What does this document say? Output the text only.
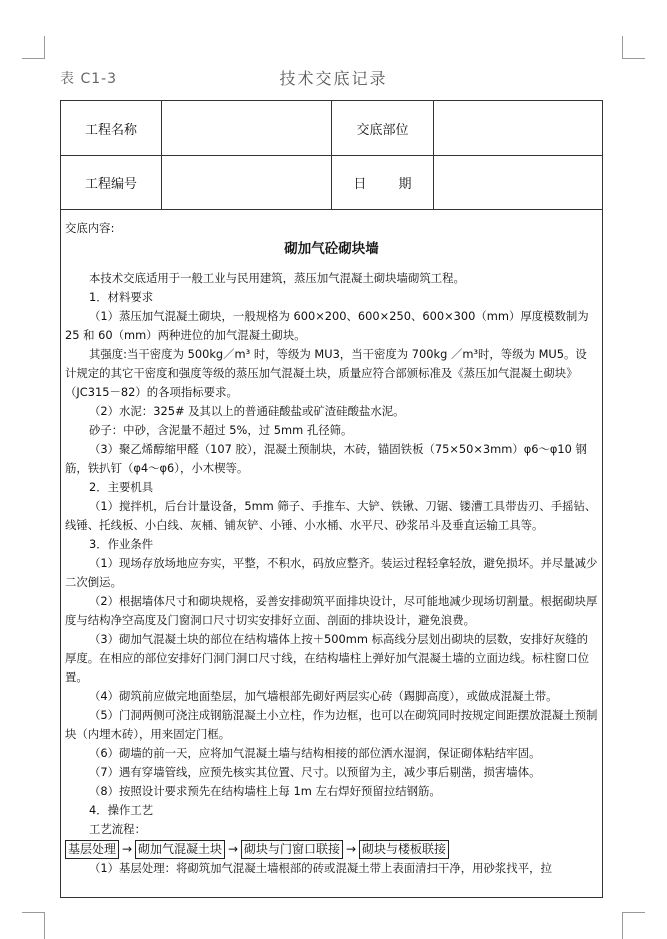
表 C1-3	技术交底记录
工程名称	交底部位
工程编号	日 期

交底内容:

砌加气砼砌块墙

本技术交底适用于一般工业与民用建筑，蒸压加气混凝土砌块墙砌筑工程。

1．材料要求

（1）蒸压加气混凝土砌块，一般规格为 600×200、600×250、600×300（mm）厚度模数制为 25 和 60（mm）两种进位的加气混凝土砌块。

其强度:当干密度为 500kg／m³ 时，等级为 MU3，当干密度为 700kg ／m³时，等级为 MU5。设计规定的其它干密度和强度等级的蒸压加气混凝土块，质量应符合部颁标准及《蒸压加气混凝土砌块》（JC315－82）的各项指标要求。

（2）水泥：325# 及其以上的普通硅酸盐或矿渣硅酸盐水泥。

砂子：中砂，含泥量不超过 5%，过 5mm 孔径筛。

（3）聚乙烯醇缩甲醛（107 胶），混凝土预制块，木砖，锚固铁板（75×50×3mm）φ6～φ10 钢筋，铁扒钉（φ4～φ6），小木楔等。

2．主要机具

（1）搅拌机，后台计量设备，5mm 筛子、手推车、大铲、铁锹、刀锯、镂漕工具带齿刃、手摇钻、线锤、托线板、小白线、灰桶、铺灰铲、小锤、小水桶、水平尺、砂浆吊斗及垂直运输工具等。

3．作业条件

（1）现场存放场地应夯实，平整，不积水，码放应整齐。装运过程轻拿轻放，避免损坏。并尽量减少二次倒运。

（2）根据墙体尺寸和砌块规格，妥善安排砌筑平面排块设计，尽可能地减少现场切割量。根据砌块厚度与结构净空高度及门窗洞口尺寸切实安排好立面、剖面的排块设计，避免浪费。

（3）砌加气混凝土块的部位在结构墙体上按＋500mm 标高线分层划出砌块的层数，安排好灰缝的厚度。在相应的部位安排好门洞门洞口尺寸线，在结构墙柱上弹好加气混凝土墙的立面边线。标柱窗口位置。

（4）砌筑前应做完地面垫层，加气墙根部先砌好两层实心砖（踢脚高度），或做成混凝土带。

（5）门洞两侧可浇注成钢筋混凝土小立柱，作为边框，也可以在砌筑同时按规定间距摆放混凝土预制块（内埋木砖），用来固定门框。

（6）砌墙的前一天，应将加气混凝土墙与结构相接的部位洒水湿润，保证砌体粘结牢固。

（7）遇有穿墙管线，应预先核实其位置、尺寸。以预留为主，减少事后剔凿，损害墙体。

（8）按照设计要求预先在结构墙柱上每 1m 左右焊好预留拉结钢筋。

4．操作工艺

工艺流程：

基层处理 → 砌加气混凝土块 → 砌块与门窗口联接 → 砌块与楼板联接

（1）基层处理：将砌筑加气混凝土墙根部的砖或混凝土带上表面清扫干净，用砂浆找平，拉
